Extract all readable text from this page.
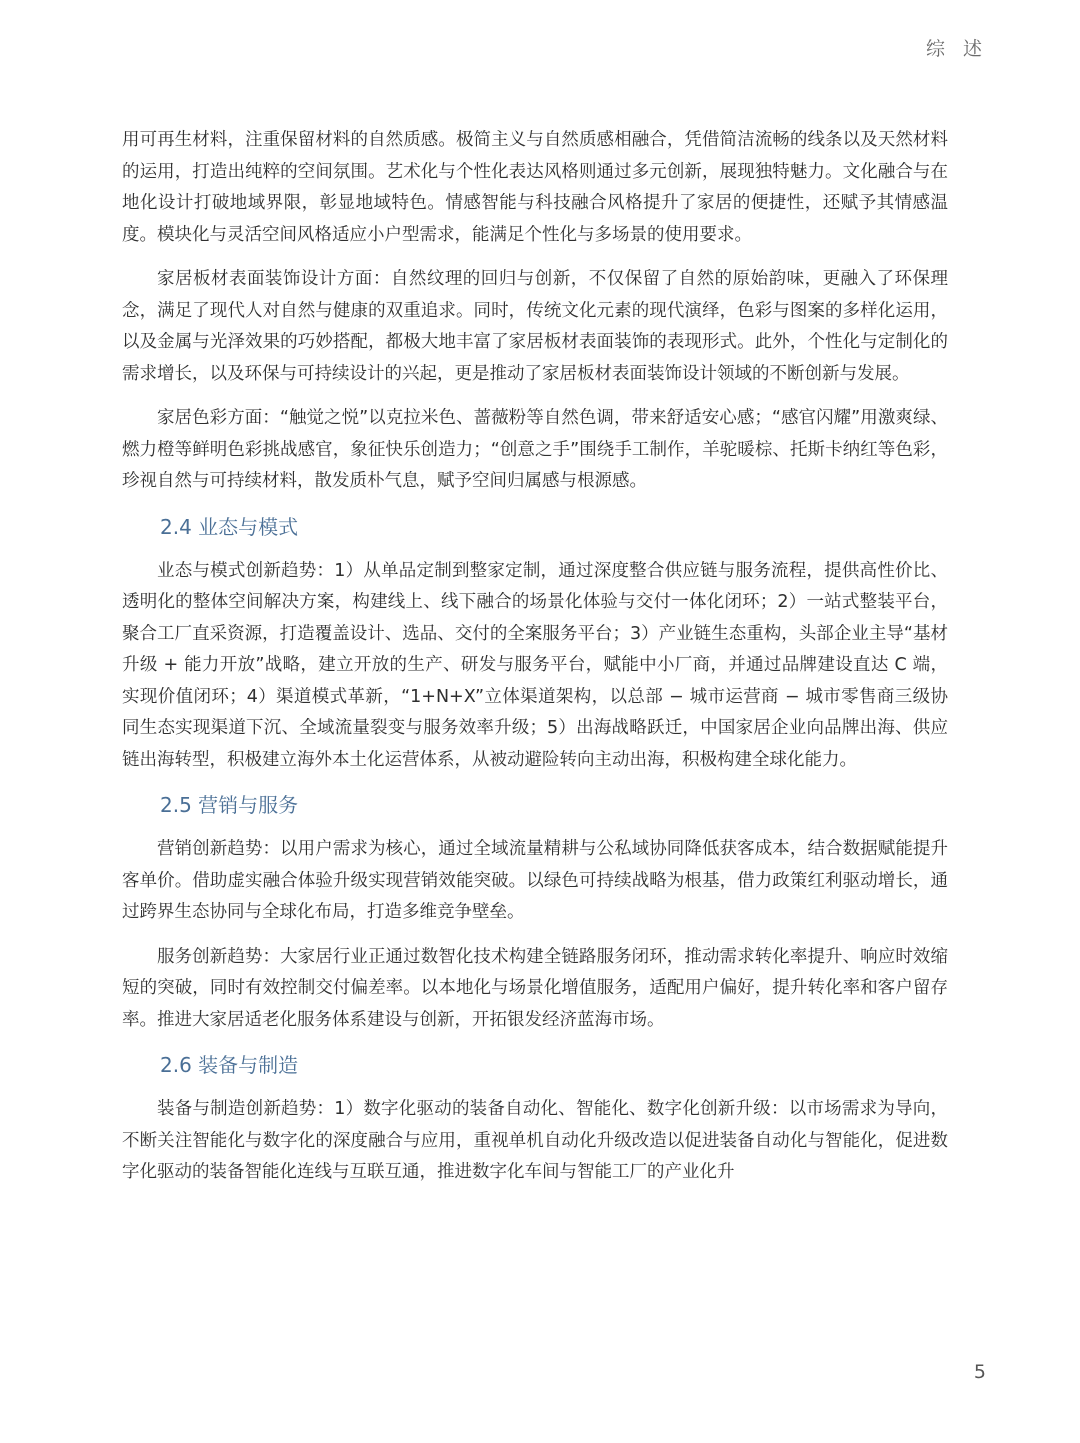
综 述

用可再生材料，注重保留材料的自然质感。极简主义与自然质感相融合，凭借简洁流畅的线条以及天然材料的运用，打造出纯粹的空间氛围。艺术化与个性化表达风格则通过多元创新，展现独特魅力。文化融合与在地化设计打破地域界限，彰显地域特色。情感智能与科技融合风格提升了家居的便捷性，还赋予其情感温度。模块化与灵活空间风格适应小户型需求，能满足个性化与多场景的使用要求。

家居板材表面装饰设计方面：自然纹理的回归与创新，不仅保留了自然的原始韵味，更融入了环保理念，满足了现代人对自然与健康的双重追求。同时，传统文化元素的现代演绎，色彩与图案的多样化运用，以及金属与光泽效果的巧妙搭配，都极大地丰富了家居板材表面装饰的表现形式。此外，个性化与定制化的需求增长，以及环保与可持续设计的兴起，更是推动了家居板材表面装饰设计领域的不断创新与发展。

家居色彩方面：“触觉之悦”以克拉米色、蔷薇粉等自然色调，带来舒适安心感；“感官闪耀”用激爽绿、燃力橙等鲜明色彩挑战感官，象征快乐创造力；“创意之手”围绕手工制作，羊驼暖棕、托斯卡纳红等色彩，珍视自然与可持续材料，散发质朴气息，赋予空间归属感与根源感。

2.4 业态与模式

业态与模式创新趋势：1）从单品定制到整家定制，通过深度整合供应链与服务流程，提供高性价比、透明化的整体空间解决方案，构建线上、线下融合的场景化体验与交付一体化闭环；2）一站式整装平台，聚合工厂直采资源，打造覆盖设计、选品、交付的全案服务平台；3）产业链生态重构，头部企业主导“基材升级 + 能力开放”战略，建立开放的生产、研发与服务平台，赋能中小厂商，并通过品牌建设直达 C 端，实现价值闭环；4）渠道模式革新，“1+N+X”立体渠道架构，以总部 − 城市运营商 − 城市零售商三级协同生态实现渠道下沉、全域流量裂变与服务效率升级；5）出海战略跃迁，中国家居企业向品牌出海、供应链出海转型，积极建立海外本土化运营体系，从被动避险转向主动出海，积极构建全球化能力。

2.5 营销与服务

营销创新趋势：以用户需求为核心，通过全域流量精耕与公私域协同降低获客成本，结合数据赋能提升客单价。借助虚实融合体验升级实现营销效能突破。以绿色可持续战略为根基，借力政策红利驱动增长，通过跨界生态协同与全球化布局，打造多维竞争壁垒。

服务创新趋势：大家居行业正通过数智化技术构建全链路服务闭环，推动需求转化率提升、响应时效缩短的突破，同时有效控制交付偏差率。以本地化与场景化增值服务，适配用户偏好，提升转化率和客户留存率。推进大家居适老化服务体系建设与创新，开拓银发经济蓝海市场。

2.6 装备与制造

装备与制造创新趋势：1）数字化驱动的装备自动化、智能化、数字化创新升级：以市场需求为导向，不断关注智能化与数字化的深度融合与应用，重视单机自动化升级改造以促进装备自动化与智能化，促进数字化驱动的装备智能化连线与互联互通，推进数字化车间与智能工厂的产业化升

5
